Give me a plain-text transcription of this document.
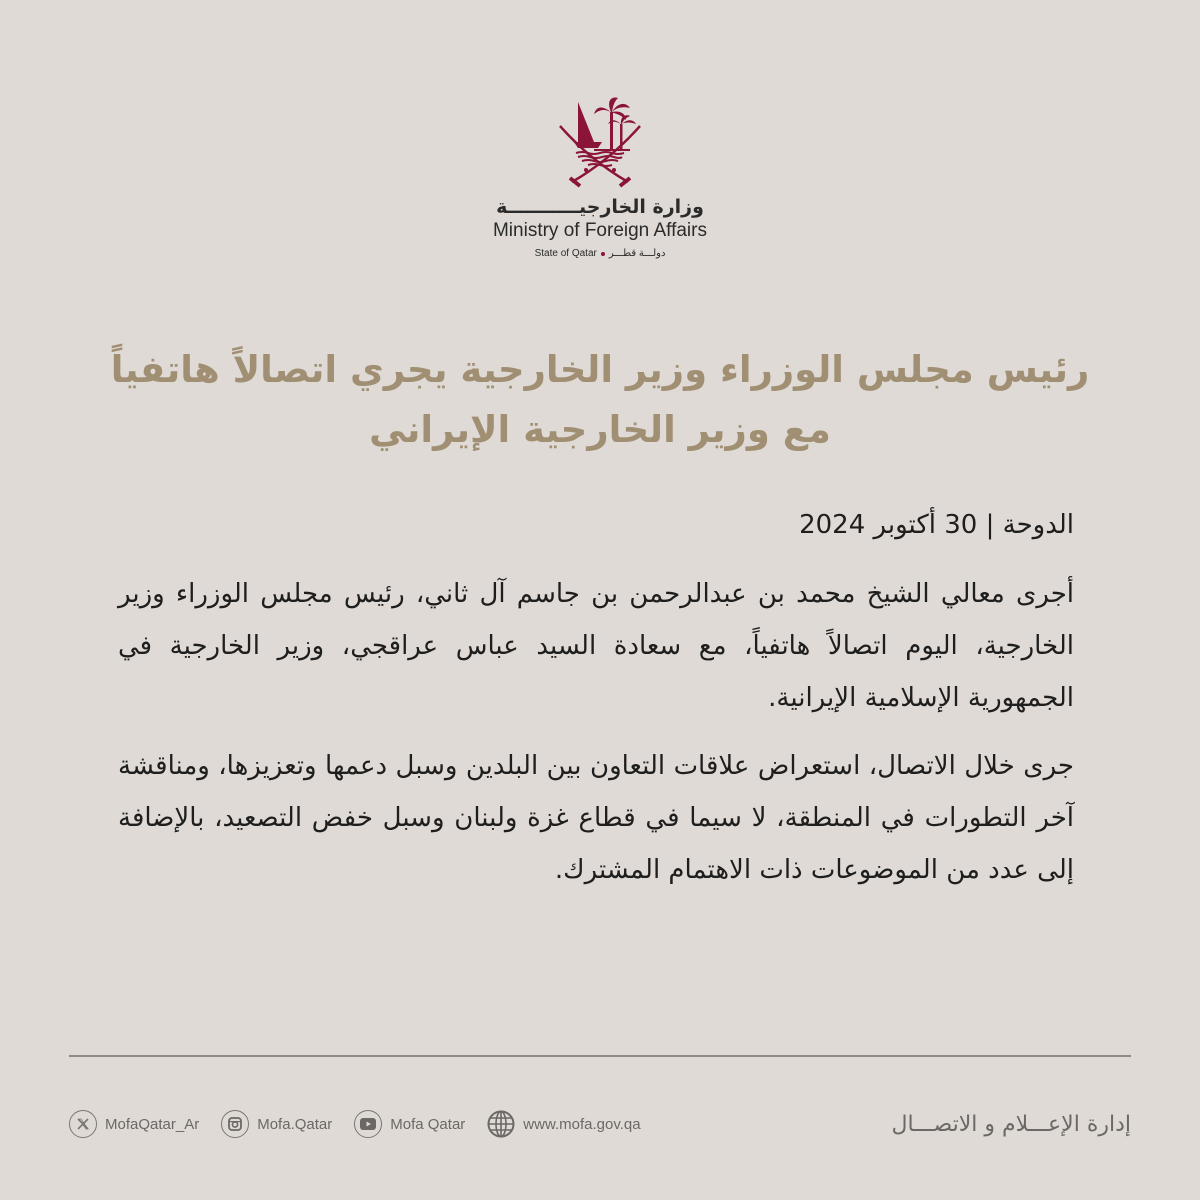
وزارة الخارجيـــــــــــة
Ministry of Foreign Affairs
State of Qatar دولـــة قطـــر
رئيس مجلس الوزراء وزير الخارجية يجري اتصالاً هاتفياً
مع وزير الخارجية الإيراني
الدوحة | 30 أكتوبر 2024

أجرى معالي الشيخ محمد بن عبدالرحمن بن جاسم آل ثاني، رئيس مجلس الوزراء وزير الخارجية، اليوم اتصالاً هاتفياً، مع سعادة السيد عباس عراقجي، وزير الخارجية في الجمهورية الإسلامية الإيرانية.

جرى خلال الاتصال، استعراض علاقات التعاون بين البلدين وسبل دعمها وتعزيزها، ومناقشة آخر التطورات في المنطقة، لا سيما في قطاع غزة ولبنان وسبل خفض التصعيد، بالإضافة إلى عدد من الموضوعات ذات الاهتمام المشترك.

MofaQatar_Ar	Mofa.Qatar	Mofa Qatar	www.mofa.gov.qa	إدارة الإعـــلام و الاتصـــال
